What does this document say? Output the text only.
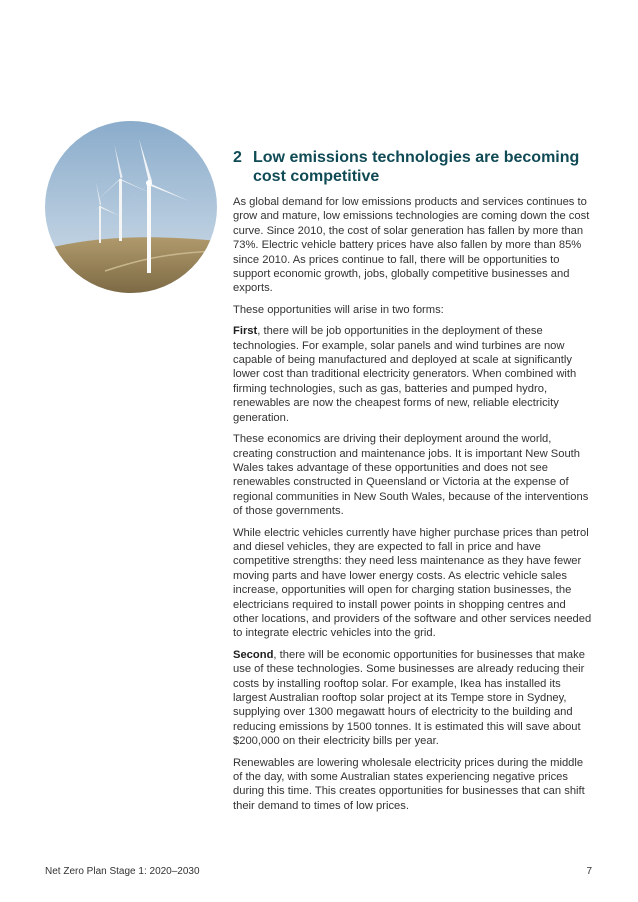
2 Low emissions technologies are becoming cost competitive

As global demand for low emissions products and services continues to grow and mature, low emissions technologies are coming down the cost curve. Since 2010, the cost of solar generation has fallen by more than 73%. Electric vehicle battery prices have also fallen by more than 85% since 2010. As prices continue to fall, there will be opportunities to support economic growth, jobs, globally competitive businesses and exports.

These opportunities will arise in two forms:

First, there will be job opportunities in the deployment of these technologies. For example, solar panels and wind turbines are now capable of being manufactured and deployed at scale at significantly lower cost than traditional electricity generators. When combined with firming technologies, such as gas, batteries and pumped hydro, renewables are now the cheapest forms of new, reliable electricity generation.

These economics are driving their deployment around the world, creating construction and maintenance jobs. It is important New South Wales takes advantage of these opportunities and does not see renewables constructed in Queensland or Victoria at the expense of regional communities in New South Wales, because of the interventions of those governments.

While electric vehicles currently have higher purchase prices than petrol and diesel vehicles, they are expected to fall in price and have competitive strengths: they need less maintenance as they have fewer moving parts and have lower energy costs. As electric vehicle sales increase, opportunities will open for charging station businesses, the electricians required to install power points in shopping centres and other locations, and providers of the software and other services needed to integrate electric vehicles into the grid.

Second, there will be economic opportunities for businesses that make use of these technologies. Some businesses are already reducing their costs by installing rooftop solar. For example, Ikea has installed its largest Australian rooftop solar project at its Tempe store in Sydney, supplying over 1300 megawatt hours of electricity to the building and reducing emissions by 1500 tonnes. It is estimated this will save about $200,000 on their electricity bills per year.

Renewables are lowering wholesale electricity prices during the middle of the day, with some Australian states experiencing negative prices during this time. This creates opportunities for businesses that can shift their demand to times of low prices.

Net Zero Plan Stage 1: 2020–2030	7
